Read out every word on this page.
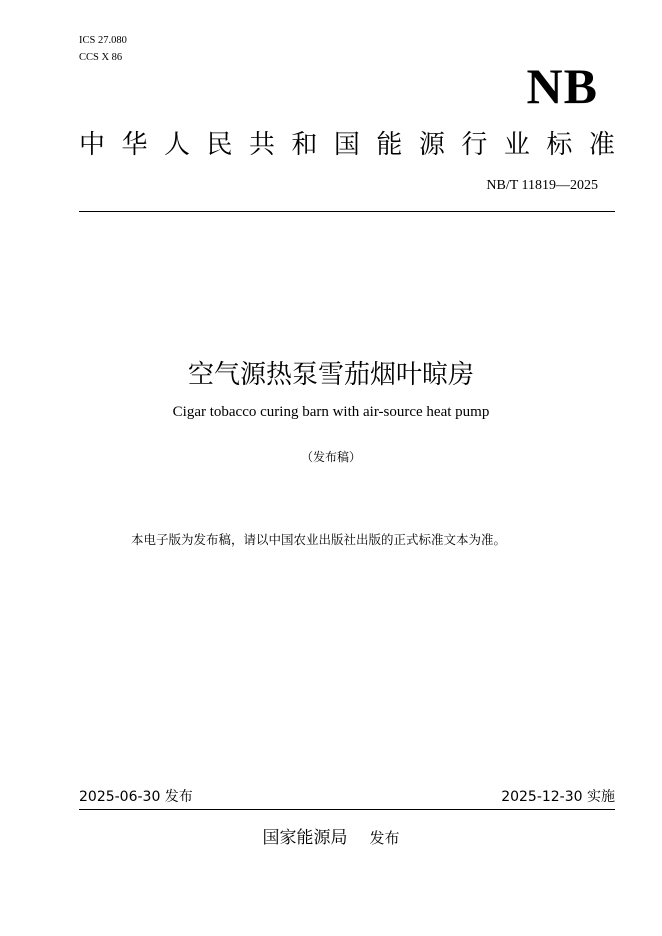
ICS 27.080
CCS X 86
NB
中 华 人 民 共 和 国 能 源 行 业 标 准
NB/T 11819—2025
空气源热泵雪茄烟叶晾房
Cigar tobacco curing barn with air-source heat pump
（发布稿）
本电子版为发布稿，请以中国农业出版社出版的正式标准文本为准。
2025-06-30 发布	2025-12-30 实施
国家能源局 发布
